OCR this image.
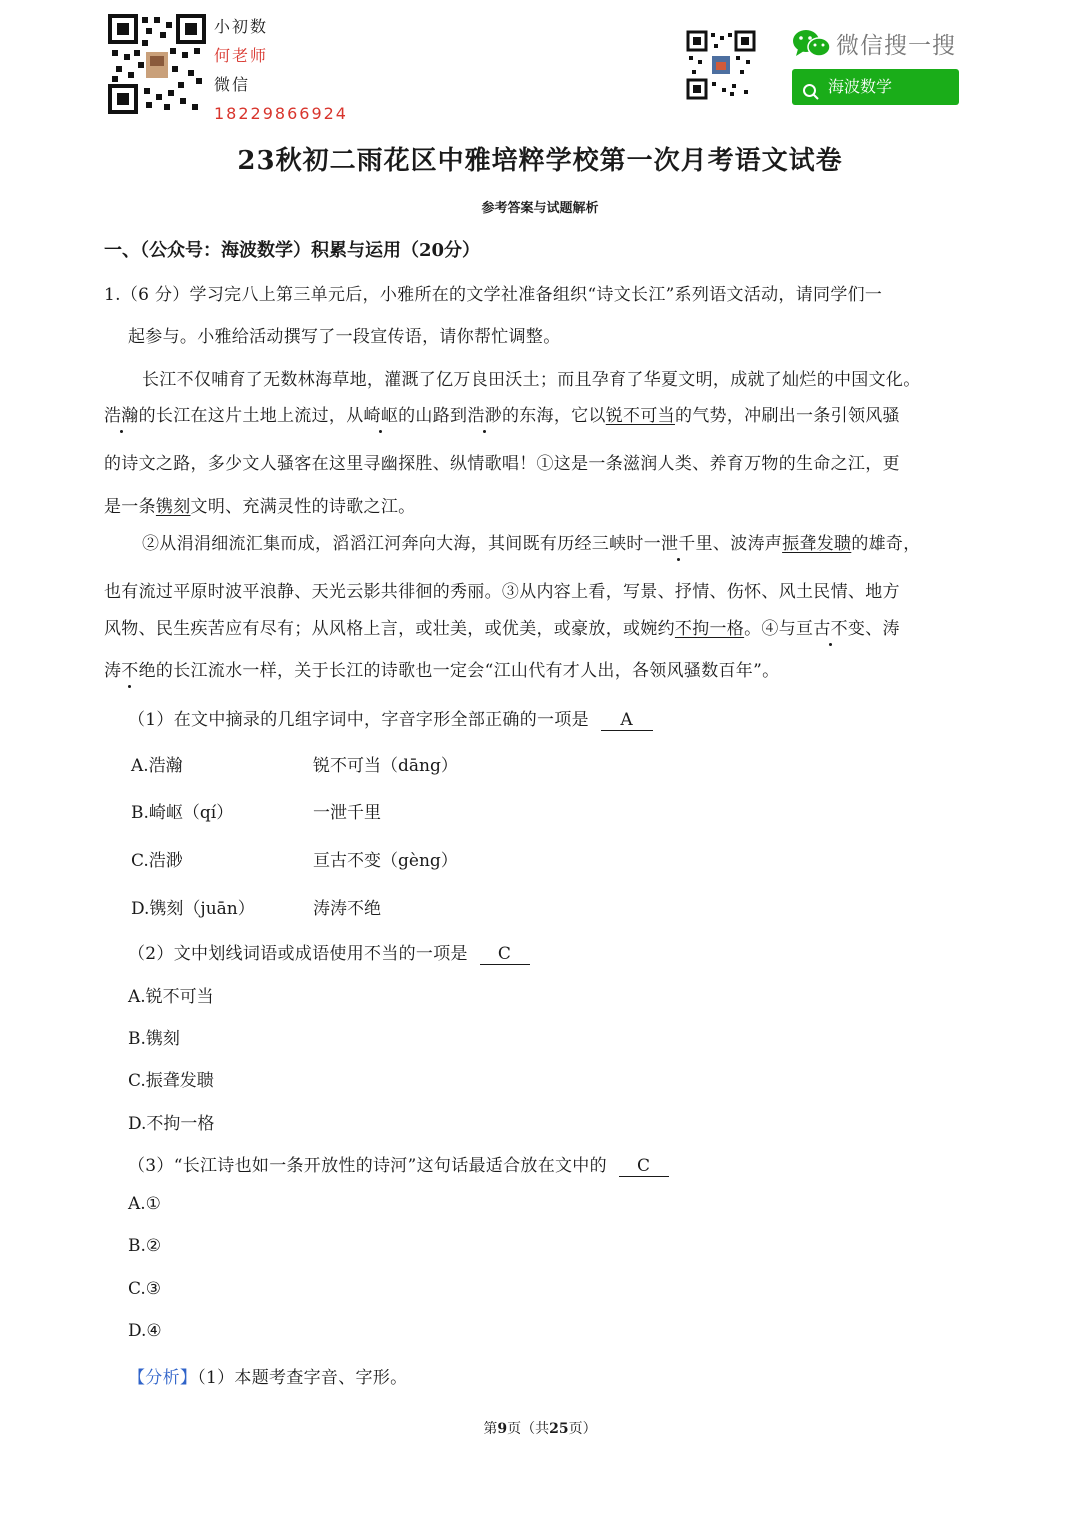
小初数
何老师
微信
18229866924
微信搜一搜
海波数学
23秋初二雨花区中雅培粹学校第一次月考语文试卷
参考答案与试题解析
一、（公众号：海波数学）积累与运用（20分）
1.（6 分）学习完八上第三单元后，小雅所在的文学社准备组织“诗文长江”系列语文活动，请同学们一
起参与。小雅给活动撰写了一段宣传语，请你帮忙调整。
长江不仅哺育了无数林海草地，灌溉了亿万良田沃土；而且孕育了华夏文明，成就了灿烂的中国文化。
浩瀚的长江在这片土地上流过，从崎岖的山路到浩渺的东海，它以锐不可当的气势，冲刷出一条引领风骚
的诗文之路，多少文人骚客在这里寻幽探胜、纵情歌唱！①这是一条滋润人类、养育万物的生命之江，更
是一条镌刻文明、充满灵性的诗歌之江。
②从涓涓细流汇集而成，滔滔江河奔向大海，其间既有历经三峡时一泄千里、波涛声振聋发聩的雄奇，
也有流过平原时波平浪静、天光云影共徘徊的秀丽。③从内容上看，写景、抒情、伤怀、风土民情、地方
风物、民生疾苦应有尽有；从风格上言，或壮美，或优美，或豪放，或婉约不拘一格。④与亘古不变、涛
涛不绝的长江流水一样，关于长江的诗歌也一定会“江山代有才人出，各领风骚数百年”。
（1）在文中摘录的几组字词中，字音字形全部正确的一项是 A
A.浩瀚	锐不可当（dāng）
B.崎岖（qí）	一泄千里
C.浩渺	亘古不变（gèng）
D.镌刻（juān）	涛涛不绝
（2）文中划线词语或成语使用不当的一项是 C
A.锐不可当
B.镌刻
C.振聋发聩
D.不拘一格
（3）“长江诗也如一条开放性的诗河”这句话最适合放在文中的 C
A.①
B.②
C.③
D.④
【分析】（1）本题考查字音、字形。
第9页（共25页）
